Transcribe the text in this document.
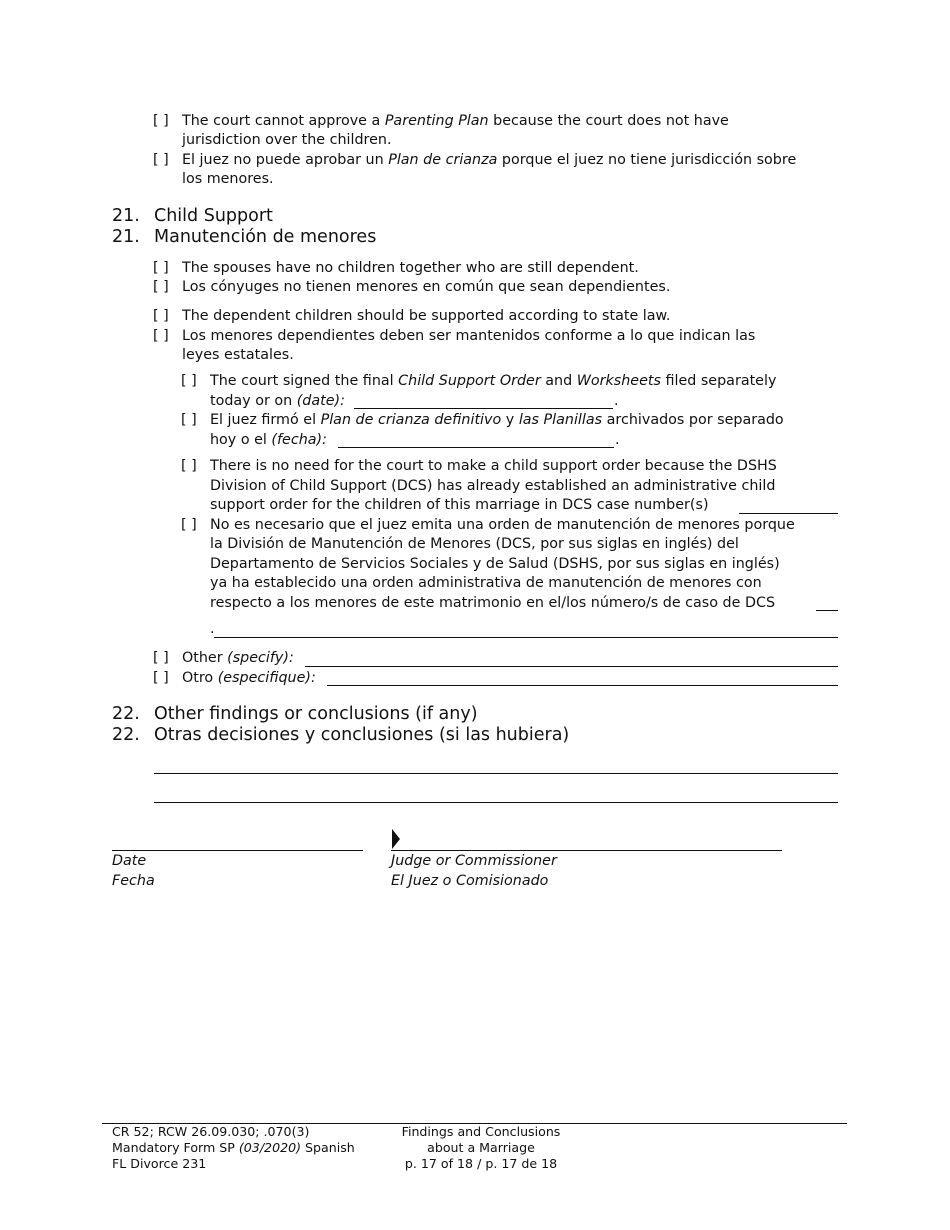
[ ] The court cannot approve a Parenting Plan because the court does not have
jurisdiction over the children.
[ ] El juez no puede aprobar un Plan de crianza porque el juez no tiene jurisdicción sobre
los menores.
21. Child Support
21. Manutención de menores
[ ] The spouses have no children together who are still dependent.
[ ] Los cónyuges no tienen menores en común que sean dependientes.
[ ] The dependent children should be supported according to state law.
[ ] Los menores dependientes deben ser mantenidos conforme a lo que indican las
leyes estatales.
[ ] The court signed the final Child Support Order and Worksheets filed separately
today or on (date):	.
[ ] El juez firmó el Plan de crianza definitivo y las Planillas archivados por separado
hoy o el (fecha):	.
[ ] There is no need for the court to make a child support order because the DSHS
Division of Child Support (DCS) has already established an administrative child
support order for the children of this marriage in DCS case number(s)
[ ] No es necesario que el juez emita una orden de manutención de menores porque
la División de Manutención de Menores (DCS, por sus siglas en inglés) del
Departamento de Servicios Sociales y de Salud (DSHS, por sus siglas en inglés)
ya ha establecido una orden administrativa de manutención de menores con
respecto a los menores de este matrimonio en el/los número/s de caso de DCS
.
[ ] Other (specify):
[ ] Otro (especifique):
22. Other findings or conclusions (if any)
22. Otras decisiones y conclusiones (si las hubiera)
Date
Fecha
Judge or Commissioner
El Juez o Comisionado
CR 52; RCW 26.09.030; .070(3)
Mandatory Form SP (03/2020) Spanish
FL Divorce 231
Findings and Conclusions
about a Marriage
p. 17 of 18 / p. 17 de 18
